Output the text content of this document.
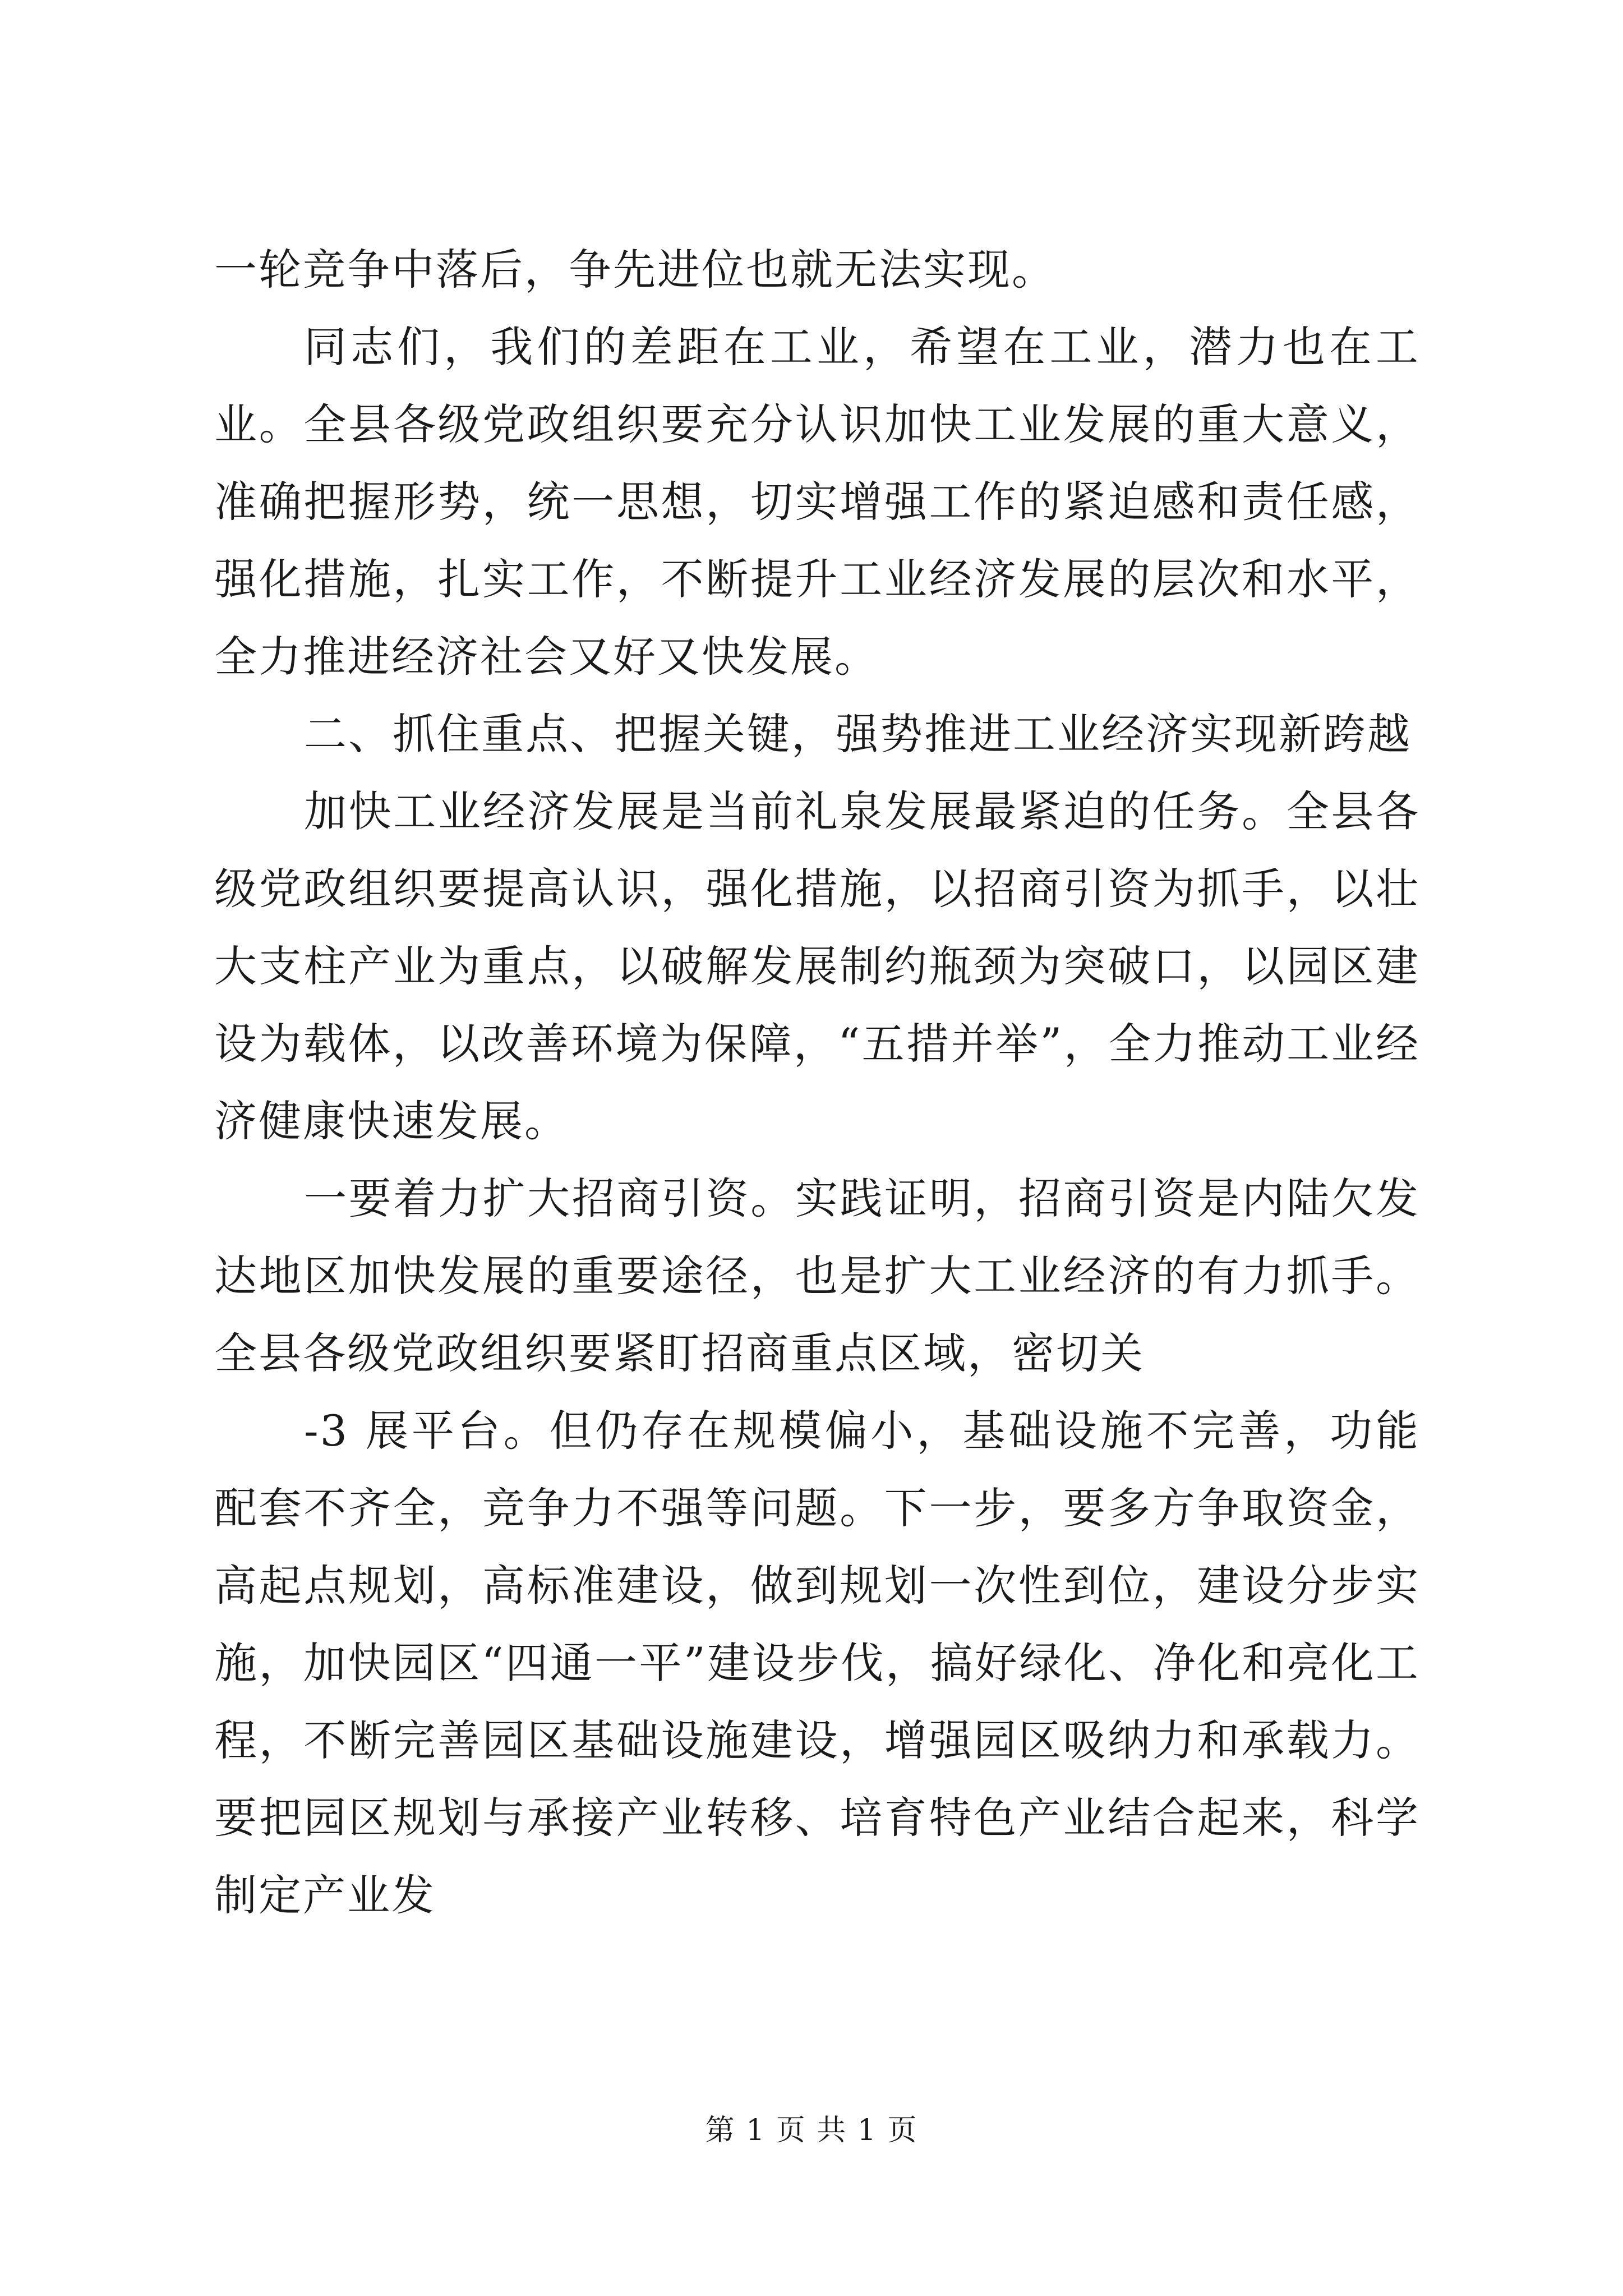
一轮竞争中落后，争先进位也就无法实现。

同志们，我们的差距在工业，希望在工业，潜力也在工业。全县各级党政组织要充分认识加快工业发展的重大意义，准确把握形势，统一思想，切实增强工作的紧迫感和责任感，强化措施，扎实工作，不断提升工业经济发展的层次和水平，全力推进经济社会又好又快发展。

二、抓住重点、把握关键，强势推进工业经济实现新跨越

加快工业经济发展是当前礼泉发展最紧迫的任务。全县各级党政组织要提高认识，强化措施，以招商引资为抓手，以壮大支柱产业为重点，以破解发展制约瓶颈为突破口，以园区建设为载体，以改善环境为保障，“五措并举”，全力推动工业经济健康快速发展。

一要着力扩大招商引资。实践证明，招商引资是内陆欠发达地区加快发展的重要途径，也是扩大工业经济的有力抓手。全县各级党政组织要紧盯招商重点区域，密切关

-3 展平台。但仍存在规模偏小，基础设施不完善，功能配套不齐全，竞争力不强等问题。下一步，要多方争取资金，高起点规划，高标准建设，做到规划一次性到位，建设分步实施，加快园区“四通一平”建设步伐，搞好绿化、净化和亮化工程，不断完善园区基础设施建设，增强园区吸纳力和承载力。要把园区规划与承接产业转移、培育特色产业结合起来，科学制定产业发

第 1 页 共 1 页
